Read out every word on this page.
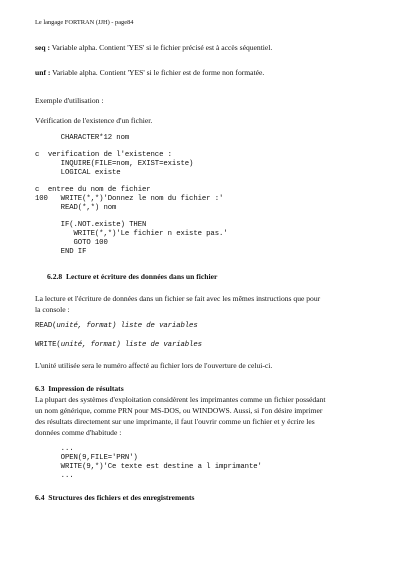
Le langage FORTRAN (JJH) - page84
seq : Variable alpha. Contient 'YES' si le fichier précisé est à accès séquentiel.
unf : Variable alpha. Contient 'YES' si le fichier est de forme non formatée.
Exemple d'utilisation :
Vérification de l'existence d'un fichier.
CHARACTER*12 nom
c  verification de l'existence :
INQUIRE(FILE=nom, EXIST=existe)
LOGICAL existe
c  entree du nom de fichier
100   WRITE(*,*)'Donnez le nom du fichier :'
READ(*,*) nom
IF(.NOT.existe) THEN
WRITE(*,*)'Le fichier n existe pas.'
GOTO 100
END IF
6.2.8  Lecture et écriture des données dans un fichier
La lecture et l'écriture de données dans un fichier se fait avec les mêmes instructions que pour
la console :
READ(unité, format) liste de variables
WRITE(unité, format) liste de variables
L'unité utilisée sera le numéro affecté au fichier lors de l'ouverture de celui-ci.
6.3  Impression de résultats
La plupart des systèmes d'exploitation considèrent les imprimantes comme un fichier possédant
un nom générique, comme PRN pour MS-DOS, ou WINDOWS. Aussi, si l'on désire imprimer
des résultats directement sur une imprimante, il faut l'ouvrir comme un fichier et y écrire les
données comme d'habitude :
...
OPEN(9,FILE='PRN')
WRITE(9,*)'Ce texte est destine a l imprimante'
...
6.4  Structures des fichiers et des enregistrements
